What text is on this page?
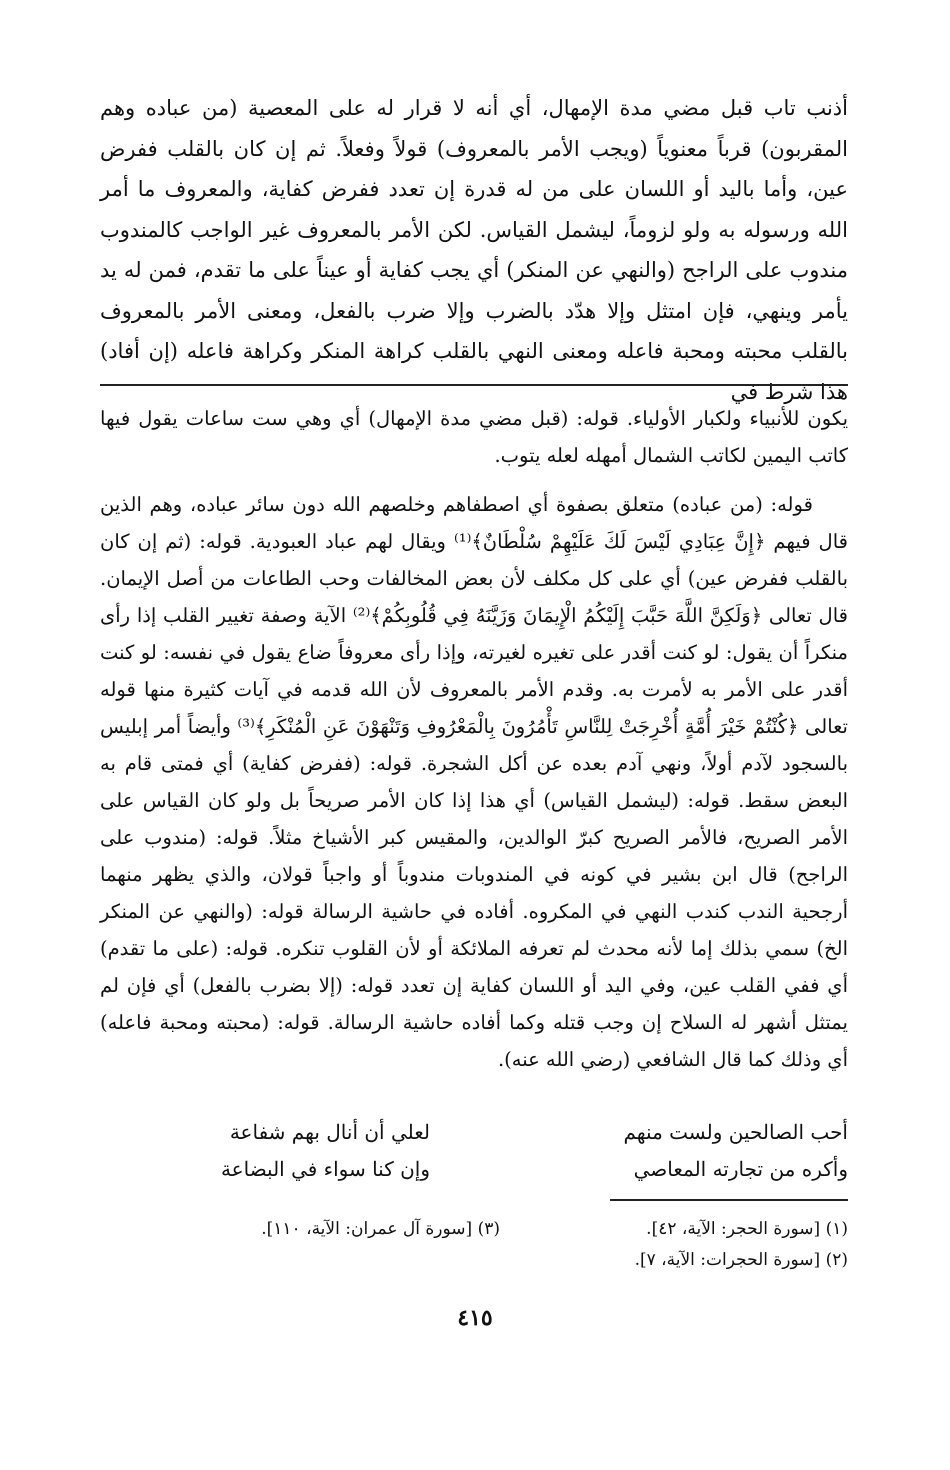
أذنب تاب قبل مضي مدة الإمهال، أي أنه لا قرار له على المعصية (من عباده وهم المقربون) قرباً معنوياً (ويجب الأمر بالمعروف) قولاً وفعلاً. ثم إن كان بالقلب ففرض عين، وأما باليد أو اللسان على من له قدرة إن تعدد ففرض كفاية، والمعروف ما أمر الله ورسوله به ولو لزوماً، ليشمل القياس. لكن الأمر بالمعروف غير الواجب كالمندوب مندوب على الراجح (والنهي عن المنكر) أي يجب كفاية أو عيناً على ما تقدم، فمن له يد يأمر وينهي، فإن امتثل وإلا هدّد بالضرب وإلا ضرب بالفعل، ومعنى الأمر بالمعروف بالقلب محبته ومحبة فاعله ومعنى النهي بالقلب كراهة المنكر وكراهة فاعله (إن أفاد) هذا شرط في
يكون للأنبياء ولكبار الأولياء. قوله: (قبل مضي مدة الإمهال) أي وهي ست ساعات يقول فيها كاتب اليمين لكاتب الشمال أمهله لعله يتوب.

قوله: (من عباده) متعلق بصفوة أي اصطفاهم وخلصهم الله دون سائر عباده، وهم الذين قال فيهم ﴿إِنَّ عِبَادِي لَيْسَ لَكَ عَلَيْهِمْ سُلْطَانٌ﴾⁽¹⁾ ويقال لهم عباد العبودية. قوله: (ثم إن كان بالقلب ففرض عين) أي على كل مكلف لأن بعض المخالفات وحب الطاعات من أصل الإيمان. قال تعالى ﴿وَلَكِنَّ اللَّهَ حَبَّبَ إِلَيْكُمُ الْإِيمَانَ وَزَيَّنَهُ فِي قُلُوبِكُمْ﴾⁽²⁾ الآية وصفة تغيير القلب إذا رأى منكراً أن يقول: لو كنت أقدر على تغيره لغيرته، وإذا رأى معروفاً ضاع يقول في نفسه: لو كنت أقدر على الأمر به لأمرت به. وقدم الأمر بالمعروف لأن الله قدمه في آيات كثيرة منها قوله تعالى ﴿كُنْتُمْ خَيْرَ أُمَّةٍ أُخْرِجَتْ لِلنَّاسِ تَأْمُرُونَ بِالْمَعْرُوفِ وَتَنْهَوْنَ عَنِ الْمُنْكَرِ﴾⁽³⁾ وأيضاً أمر إبليس بالسجود لآدم أولاً، ونهي آدم بعده عن أكل الشجرة. قوله: (ففرض كفاية) أي فمتى قام به البعض سقط. قوله: (ليشمل القياس) أي هذا إذا كان الأمر صريحاً بل ولو كان القياس على الأمر الصريح، فالأمر الصريح كبرّ الوالدين، والمقيس كبر الأشياخ مثلاً. قوله: (مندوب على الراجح) قال ابن بشير في كونه في المندوبات مندوباً أو واجباً قولان، والذي يظهر منهما أرجحية الندب كندب النهي في المكروه. أفاده في حاشية الرسالة قوله: (والنهي عن المنكر الخ) سمي بذلك إما لأنه محدث لم تعرفه الملائكة أو لأن القلوب تنكره. قوله: (على ما تقدم) أي ففي القلب عين، وفي اليد أو اللسان كفاية إن تعدد قوله: (إلا بضرب بالفعل) أي فإن لم يمتثل أشهر له السلاح إن وجب قتله وكما أفاده حاشية الرسالة. قوله: (محبته ومحبة فاعله) أي وذلك كما قال الشافعي (رضي الله عنه).

أحب الصالحين ولست منهم
لعلي أن أنال بهم شفاعة
وأكره من تجارته المعاصي
وإن كنا سواء في البضاعة
(١) [سورة الحجر: الآية، ٤٢].
(٢) [سورة الحجرات: الآية، ٧].
(٣) [سورة آل عمران: الآية، ١١٠].
٤١٥
